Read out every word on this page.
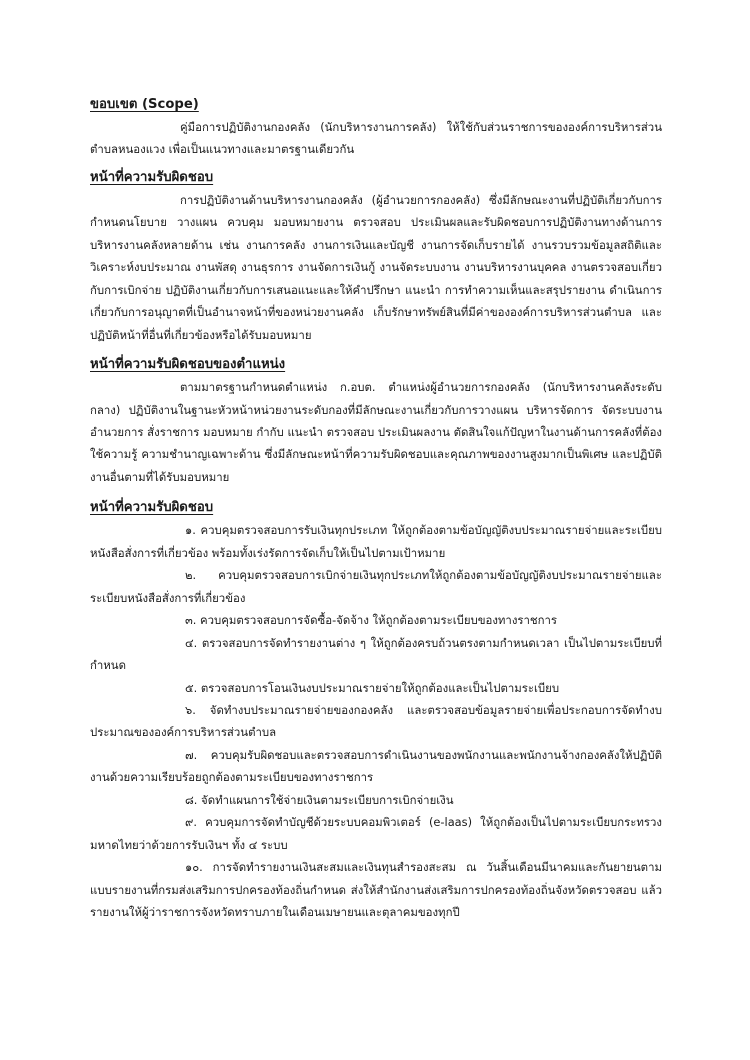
ขอบเขต (Scope)

คู่มือการปฏิบัติงานกองคลัง (นักบริหารงานการคลัง) ให้ใช้กับส่วนราชการขององค์การบริหารส่วนตำบลหนองแวง เพื่อเป็นแนวทางและมาตรฐานเดียวกัน

หน้าที่ความรับผิดชอบ

การปฏิบัติงานด้านบริหารงานกองคลัง (ผู้อำนวยการกองคลัง) ซึ่งมีลักษณะงานที่ปฏิบัติเกี่ยวกับการกำหนดนโยบาย วางแผน ควบคุม มอบหมายงาน ตรวจสอบ ประเมินผลและรับผิดชอบการปฏิบัติงานทางด้านการบริหารงานคลังหลายด้าน เช่น งานการคลัง งานการเงินและบัญชี งานการจัดเก็บรายได้ งานรวบรวมข้อมูลสถิติและวิเคราะห์งบประมาณ งานพัสดุ งานธุรการ งานจัดการเงินกู้ งานจัดระบบงาน งานบริหารงานบุคคล งานตรวจสอบเกี่ยวกับการเบิกจ่าย ปฏิบัติงานเกี่ยวกับการเสนอแนะและให้คำปรึกษา แนะนำ การทำความเห็นและสรุปรายงาน ดำเนินการเกี่ยวกับการอนุญาตที่เป็นอำนาจหน้าที่ของหน่วยงานคลัง เก็บรักษาทรัพย์สินที่มีค่าขององค์การบริหารส่วนตำบล และปฏิบัติหน้าที่อื่นที่เกี่ยวข้องหรือได้รับมอบหมาย

หน้าที่ความรับผิดชอบของตำแหน่ง

ตามมาตรฐานกำหนดตำแหน่ง ก.อบต. ตำแหน่งผู้อำนวยการกองคลัง (นักบริหารงานคลังระดับกลาง) ปฏิบัติงานในฐานะหัวหน้าหน่วยงานระดับกองที่มีลักษณะงานเกี่ยวกับการวางแผน บริหารจัดการ จัดระบบงาน อำนวยการ สั่งราชการ มอบหมาย กำกับ แนะนำ ตรวจสอบ ประเมินผลงาน ตัดสินใจแก้ปัญหาในงานด้านการคลังที่ต้องใช้ความรู้ ความชำนาญเฉพาะด้าน ซึ่งมีลักษณะหน้าที่ความรับผิดชอบและคุณภาพของงานสูงมากเป็นพิเศษ และปฏิบัติงานอื่นตามที่ได้รับมอบหมาย

หน้าที่ความรับผิดชอบ

๑. ควบคุมตรวจสอบการรับเงินทุกประเภท ให้ถูกต้องตามข้อบัญญัติงบประมาณรายจ่ายและระเบียบหนังสือสั่งการที่เกี่ยวข้อง พร้อมทั้งเร่งรัดการจัดเก็บให้เป็นไปตามเป้าหมาย

๒. ควบคุมตรวจสอบการเบิกจ่ายเงินทุกประเภทให้ถูกต้องตามข้อบัญญัติงบประมาณรายจ่ายและระเบียบหนังสือสั่งการที่เกี่ยวข้อง

๓. ควบคุมตรวจสอบการจัดซื้อ-จัดจ้าง ให้ถูกต้องตามระเบียบของทางราชการ

๔. ตรวจสอบการจัดทำรายงานต่าง ๆ ให้ถูกต้องครบถ้วนตรงตามกำหนดเวลา เป็นไปตามระเบียบที่กำหนด

๕. ตรวจสอบการโอนเงินงบประมาณรายจ่ายให้ถูกต้องและเป็นไปตามระเบียบ

๖. จัดทำงบประมาณรายจ่ายของกองคลัง และตรวจสอบข้อมูลรายจ่ายเพื่อประกอบการจัดทำงบประมาณขององค์การบริหารส่วนตำบล

๗. ควบคุมรับผิดชอบและตรวจสอบการดำเนินงานของพนักงานและพนักงานจ้างกองคลังให้ปฏิบัติงานด้วยความเรียบร้อยถูกต้องตามระเบียบของทางราชการ

๘. จัดทำแผนการใช้จ่ายเงินตามระเบียบการเบิกจ่ายเงิน

๙. ควบคุมการจัดทำบัญชีด้วยระบบคอมพิวเตอร์ (e-laas) ให้ถูกต้องเป็นไปตามระเบียบกระทรวงมหาดไทยว่าด้วยการรับเงินฯ ทั้ง ๔ ระบบ

๑๐. การจัดทำรายงานเงินสะสมและเงินทุนสำรองสะสม ณ วันสิ้นเดือนมีนาคมและกันยายนตามแบบรายงานที่กรมส่งเสริมการปกครองท้องถิ่นกำหนด ส่งให้สำนักงานส่งเสริมการปกครองท้องถิ่นจังหวัดตรวจสอบ แล้วรายงานให้ผู้ว่าราชการจังหวัดทราบภายในเดือนเมษายนและตุลาคมของทุกปี
